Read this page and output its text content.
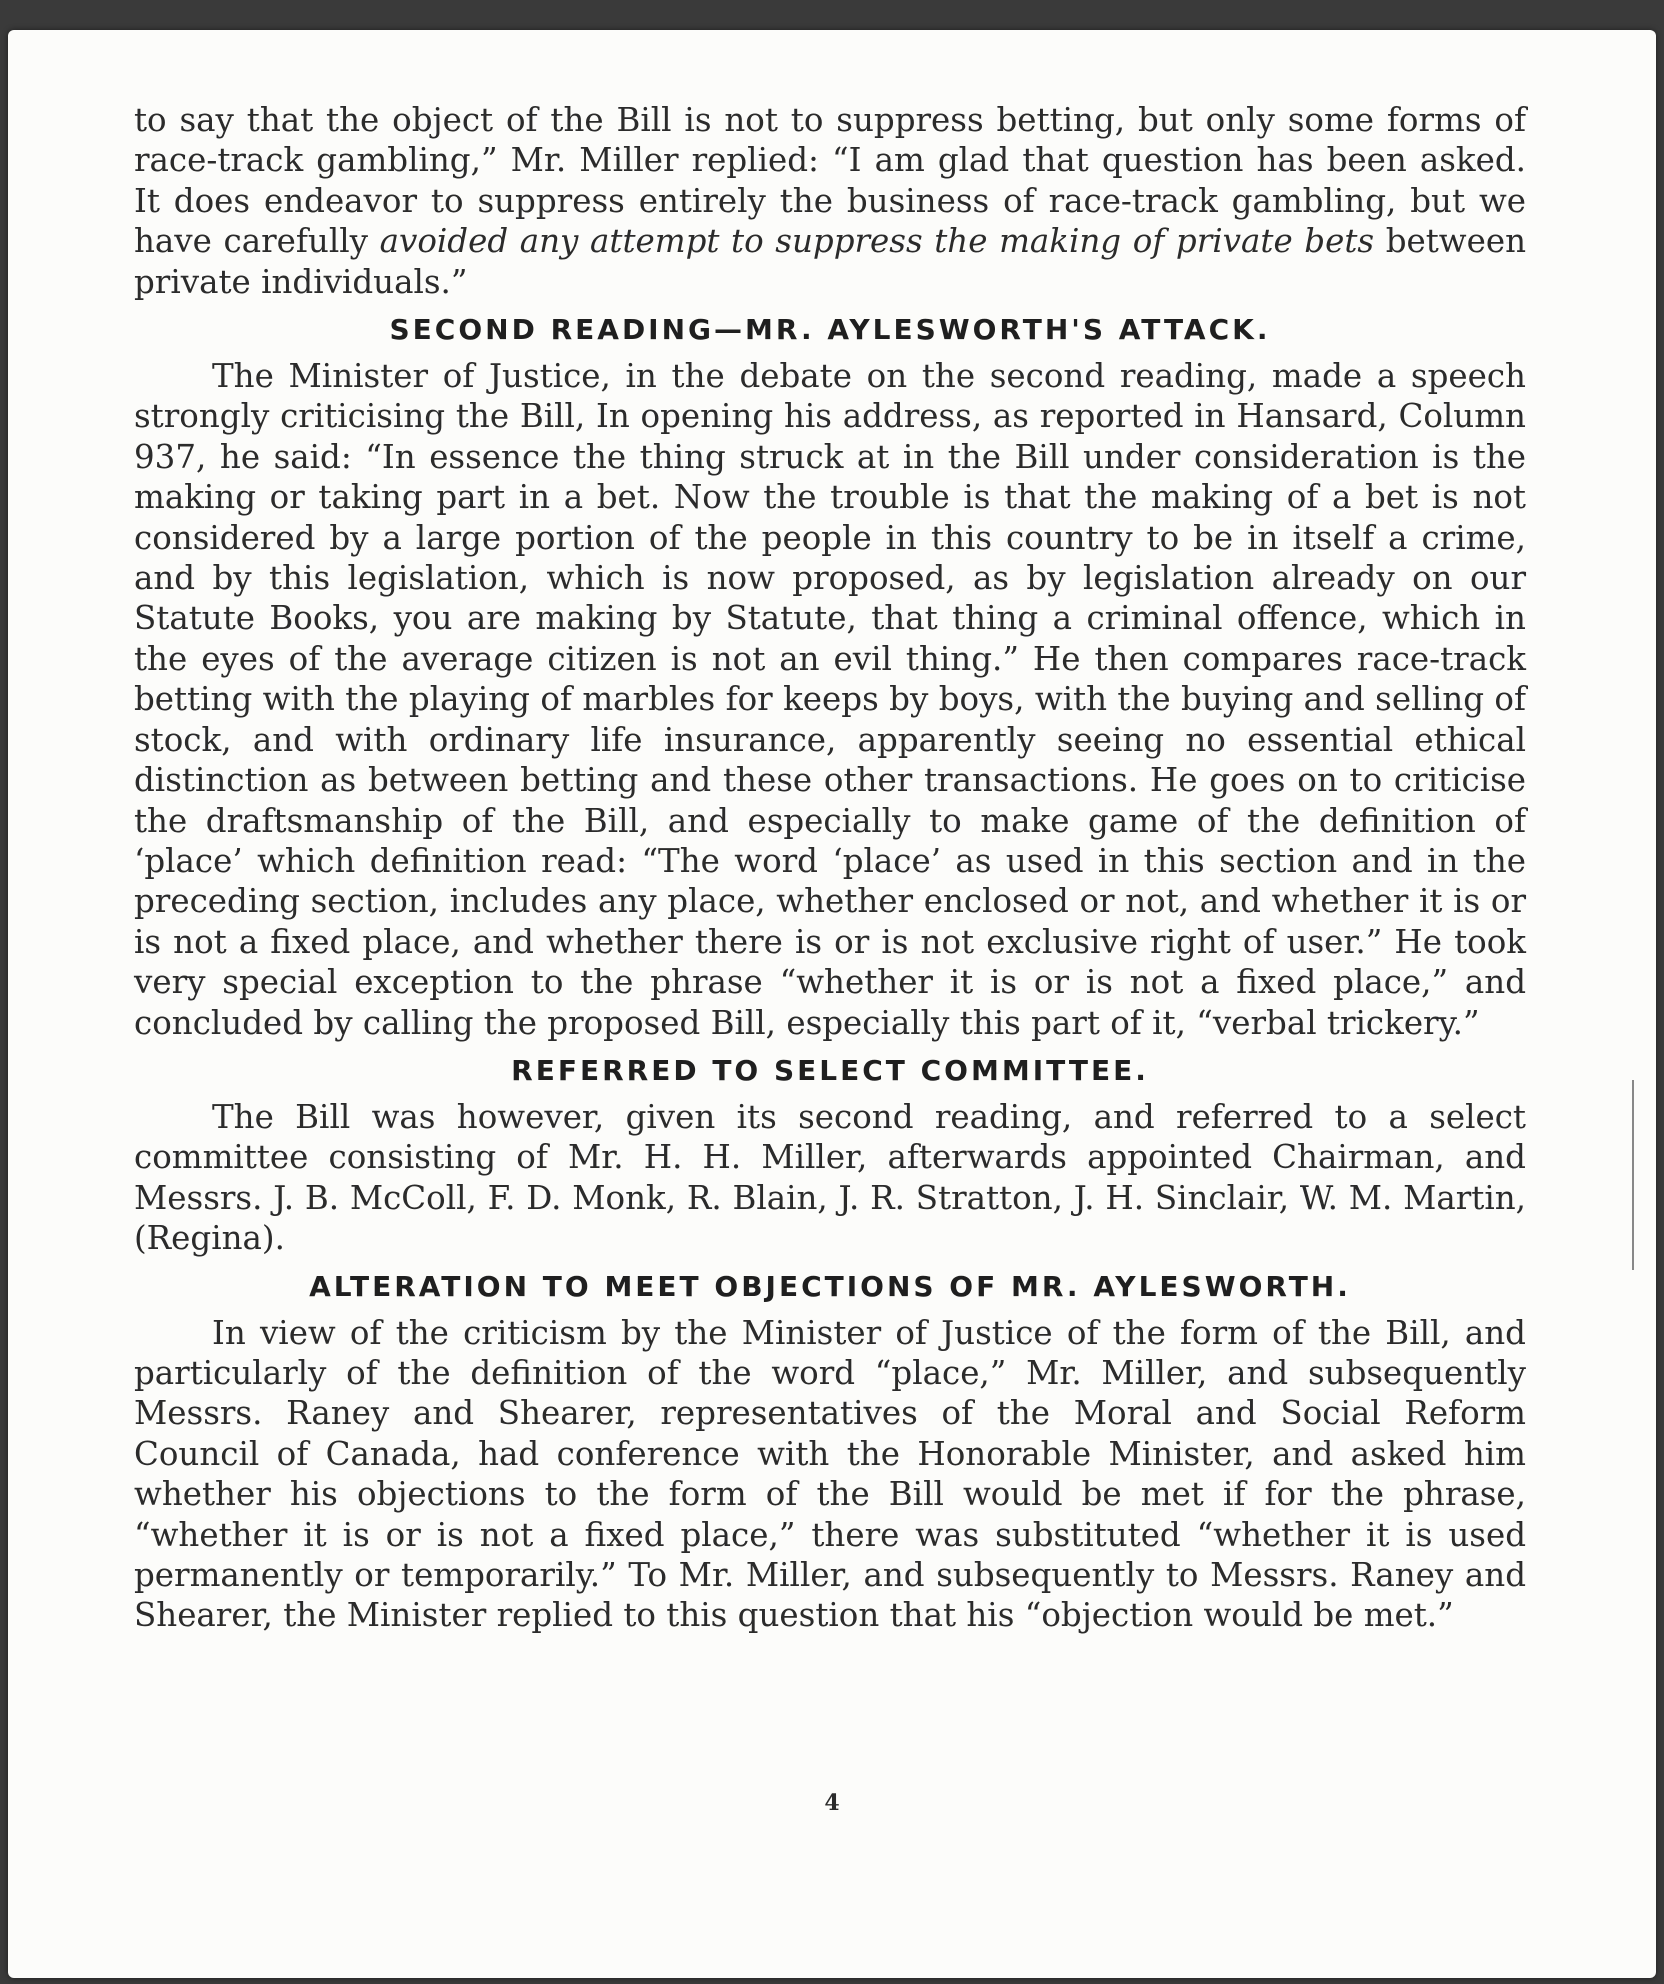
to say that the object of the Bill is not to suppress betting, but only some forms of race-track gambling,” Mr. Miller replied: “I am glad that question has been asked. It does endeavor to suppress entirely the business of race-track gambling, but we have carefully avoided any attempt to suppress the making of private bets between private individuals.”

SECOND READING—MR. AYLESWORTH'S ATTACK.

The Minister of Justice, in the debate on the second reading, made a speech strongly criticising the Bill, In opening his address, as reported in Hansard, Column 937, he said: “In essence the thing struck at in the Bill under consideration is the making or taking part in a bet. Now the trouble is that the making of a bet is not considered by a large portion of the people in this country to be in itself a crime, and by this legislation, which is now proposed, as by legislation already on our Statute Books, you are making by Statute, that thing a criminal offence, which in the eyes of the average citizen is not an evil thing.” He then compares race-track betting with the playing of marbles for keeps by boys, with the buying and selling of stock, and with ordinary life insurance, apparently seeing no essential ethical distinction as between betting and these other transactions. He goes on to criticise the draftsmanship of the Bill, and especially to make game of the definition of ‘place’ which definition read: “The word ‘place’ as used in this section and in the preceding section, includes any place, whether enclosed or not, and whether it is or is not a fixed place, and whether there is or is not exclusive right of user.” He took very special exception to the phrase “whether it is or is not a fixed place,” and concluded by calling the proposed Bill, especially this part of it, “verbal trickery.”

REFERRED TO SELECT COMMITTEE.

The Bill was however, given its second reading, and referred to a select committee consisting of Mr. H. H. Miller, afterwards appointed Chairman, and Messrs. J. B. McColl, F. D. Monk, R. Blain, J. R. Stratton, J. H. Sinclair, W. M. Martin, (Regina).

ALTERATION TO MEET OBJECTIONS OF MR. AYLESWORTH.

In view of the criticism by the Minister of Justice of the form of the Bill, and particularly of the definition of the word “place,” Mr. Miller, and subsequently Messrs. Raney and Shearer, representatives of the Moral and Social Reform Council of Canada, had conference with the Honorable Minister, and asked him whether his objections to the form of the Bill would be met if for the phrase, “whether it is or is not a fixed place,” there was substituted “whether it is used permanently or temporarily.” To Mr. Miller, and subsequently to Messrs. Raney and Shearer, the Minister replied to this question that his “objection would be met.”

4
